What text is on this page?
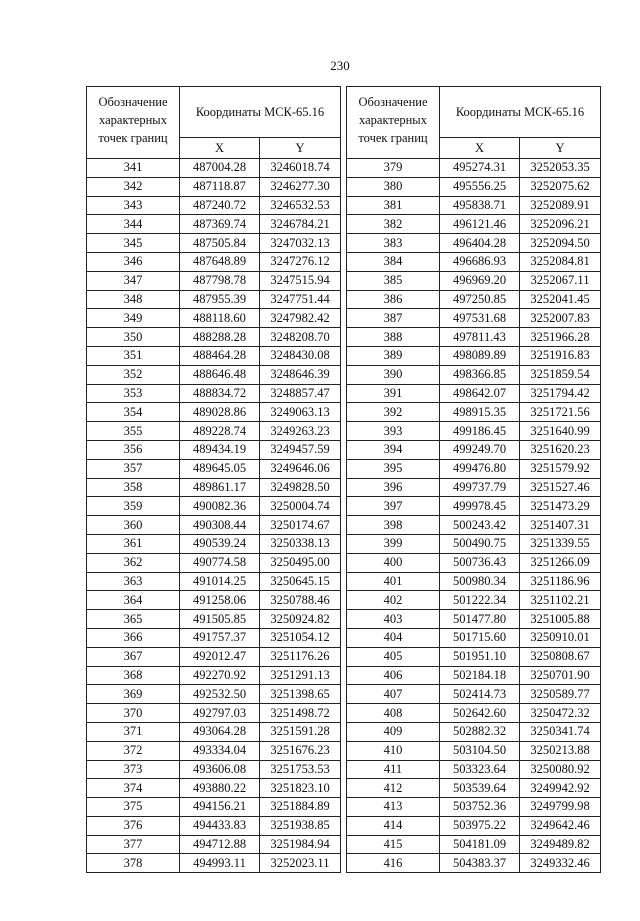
230
Обозначение характерных точек границ	Координаты МСК-65.16	
	X	Y
341	487004.28	3246018.74
342	487118.87	3246277.30
343	487240.72	3246532.53
344	487369.74	3246784.21
345	487505.84	3247032.13
346	487648.89	3247276.12
347	487798.78	3247515.94
348	487955.39	3247751.44
349	488118.60	3247982.42
350	488288.28	3248208.70
351	488464.28	3248430.08
352	488646.48	3248646.39
353	488834.72	3248857.47
354	489028.86	3249063.13
355	489228.74	3249263.23
356	489434.19	3249457.59
357	489645.05	3249646.06
358	489861.17	3249828.50
359	490082.36	3250004.74
360	490308.44	3250174.67
361	490539.24	3250338.13
362	490774.58	3250495.00
363	491014.25	3250645.15
364	491258.06	3250788.46
365	491505.85	3250924.82
366	491757.37	3251054.12
367	492012.47	3251176.26
368	492270.92	3251291.13
369	492532.50	3251398.65
370	492797.03	3251498.72
371	493064.28	3251591.28
372	493334.04	3251676.23
373	493606.08	3251753.53
374	493880.22	3251823.10
375	494156.21	3251884.89
376	494433.83	3251938.85
377	494712.88	3251984.94
378	494993.11	3252023.11
Обозначение характерных точек границ	Координаты МСК-65.16	
	X	Y
379	495274.31	3252053.35
380	495556.25	3252075.62
381	495838.71	3252089.91
382	496121.46	3252096.21
383	496404.28	3252094.50
384	496686.93	3252084.81
385	496969.20	3252067.11
386	497250.85	3252041.45
387	497531.68	3252007.83
388	497811.43	3251966.28
389	498089.89	3251916.83
390	498366.85	3251859.54
391	498642.07	3251794.42
392	498915.35	3251721.56
393	499186.45	3251640.99
394	499249.70	3251620.23
395	499476.80	3251579.92
396	499737.79	3251527.46
397	499978.45	3251473.29
398	500243.42	3251407.31
399	500490.75	3251339.55
400	500736.43	3251266.09
401	500980.34	3251186.96
402	501222.34	3251102.21
403	501477.80	3251005.88
404	501715.60	3250910.01
405	501951.10	3250808.67
406	502184.18	3250701.90
407	502414.73	3250589.77
408	502642.60	3250472.32
409	502882.32	3250341.74
410	503104.50	3250213.88
411	503323.64	3250080.92
412	503539.64	3249942.92
413	503752.36	3249799.98
414	503975.22	3249642.46
415	504181.09	3249489.82
416	504383.37	3249332.46
